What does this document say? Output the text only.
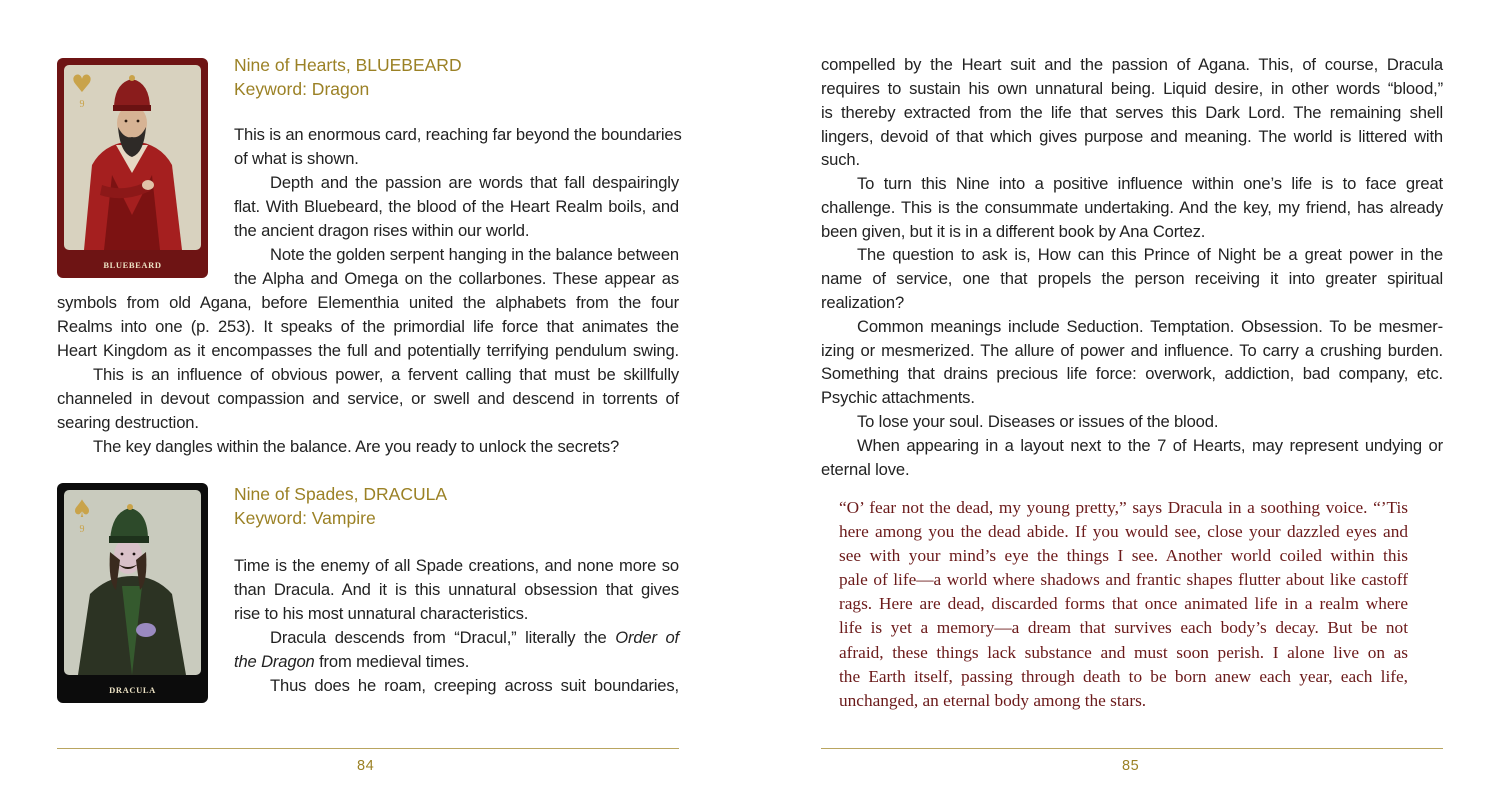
♥
9
BLUEBEARD
Nine of Hearts, BLUEBEARD
Keyword: Dragon
This is an enormous card, reaching far beyond the boundaries
of what is shown.
Depth and the passion are words that fall despairingly
flat. With Bluebeard, the blood of the Heart Realm boils, and
the ancient dragon rises within our world.
Note the golden serpent hanging in the balance between
the Alpha and Omega on the collarbones. These appear as
symbols from old Agana, before Elementhia united the alphabets from the four
Realms into one (p. 253). It speaks of the primordial life force that animates the
Heart Kingdom as it encompasses the full and potentially terrifying pendulum swing.
This is an influence of obvious power, a fervent calling that must be skillfully
channeled in devout compassion and service, or swell and descend in torrents of
searing destruction.
The key dangles within the balance. Are you ready to unlock the secrets?
♠
9
DRACULA
Nine of Spades, DRACULA
Keyword: Vampire
Time is the enemy of all Spade creations, and none more so
than Dracula. And it is this unnatural obsession that gives
rise to his most unnatural characteristics.
Dracula descends from “Dracul,” literally the Order of
the Dragon from medieval times.
Thus does he roam, creeping across suit boundaries,
84
compelled by the Heart suit and the passion of Agana. This, of course, Dracula
requires to sustain his own unnatural being. Liquid desire, in other words “blood,”
is thereby extracted from the life that serves this Dark Lord. The remaining shell
lingers, devoid of that which gives purpose and meaning. The world is littered with
such.
To turn this Nine into a positive influence within one’s life is to face great
challenge. This is the consummate undertaking. And the key, my friend, has already
been given, but it is in a different book by Ana Cortez.
The question to ask is, How can this Prince of Night be a great power in the
name of service, one that propels the person receiving it into greater spiritual
realization?
Common meanings include Seduction. Temptation. Obsession. To be mesmer-
izing or mesmerized. The allure of power and influence. To carry a crushing burden.
Something that drains precious life force: overwork, addiction, bad company, etc.
Psychic attachments.
To lose your soul. Diseases or issues of the blood.
When appearing in a layout next to the 7 of Hearts, may represent undying or
eternal love.
85
“O’ fear not the dead, my young pretty,” says Dracula in a soothing voice. “’Tis
here among you the dead abide. If you would see, close your dazzled eyes and
see with your mind’s eye the things I see. Another world coiled within this
pale of life—a world where shadows and frantic shapes flutter about like castoff
rags. Here are dead, discarded forms that once animated life in a realm where
life is yet a memory—a dream that survives each body’s decay. But be not
afraid, these things lack substance and must soon perish. I alone live on as
the Earth itself, passing through death to be born anew each year, each life,
unchanged, an eternal body among the stars.
